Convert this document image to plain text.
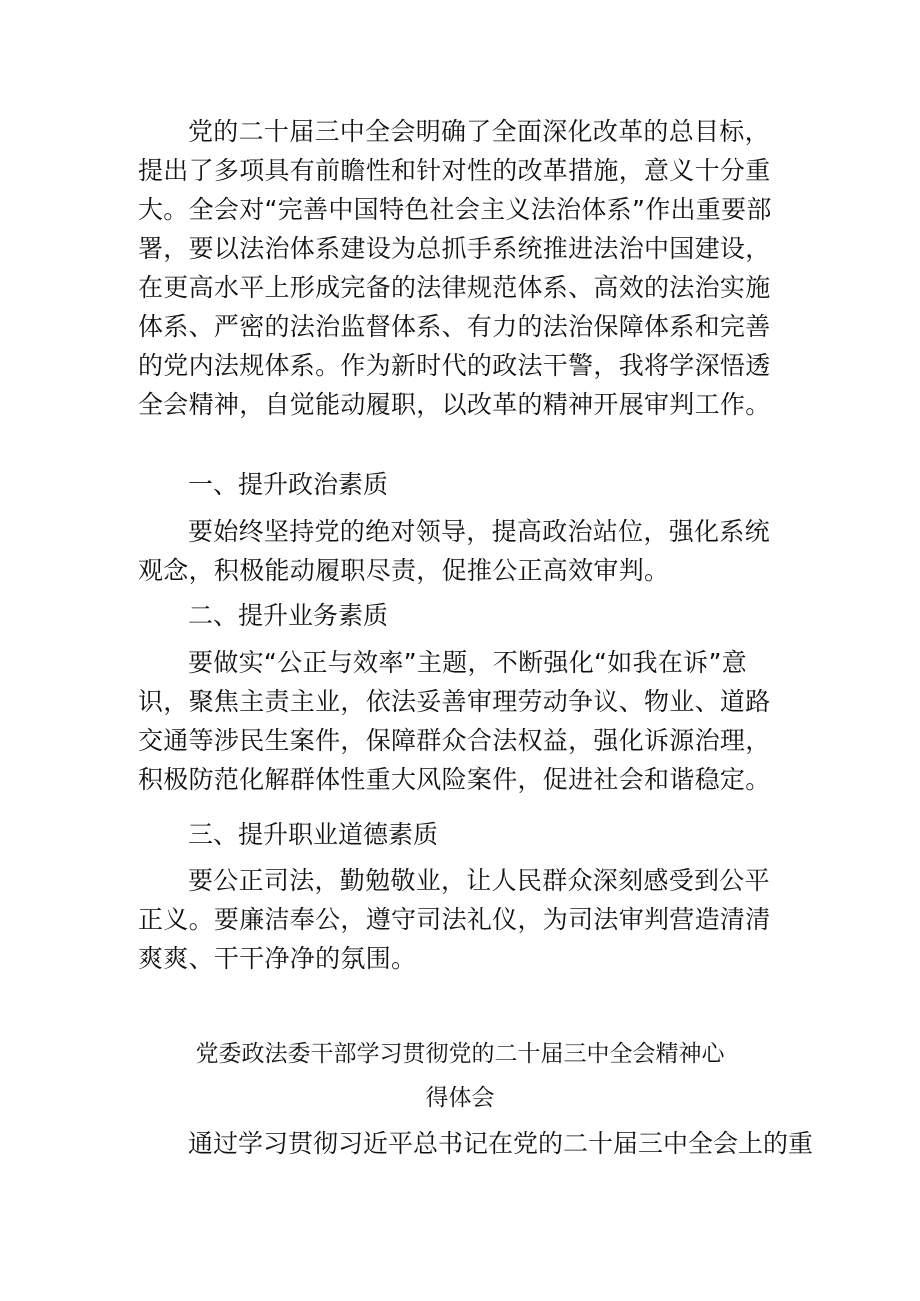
党的二十届三中全会明确了全面深化改革的总目标，提出了多项具有前瞻性和针对性的改革措施，意义十分重大。全会对“完善中国特色社会主义法治体系”作出重要部署，要以法治体系建设为总抓手系统推进法治中国建设，在更高水平上形成完备的法律规范体系、高效的法治实施体系、严密的法治监督体系、有力的法治保障体系和完善的党内法规体系。作为新时代的政法干警，我将学深悟透全会精神，自觉能动履职，以改革的精神开展审判工作。

一、提升政治素质

要始终坚持党的绝对领导，提高政治站位，强化系统观念，积极能动履职尽责，促推公正高效审判。

二、提升业务素质

要做实“公正与效率”主题，不断强化“如我在诉”意识，聚焦主责主业，依法妥善审理劳动争议、物业、道路交通等涉民生案件，保障群众合法权益，强化诉源治理，积极防范化解群体性重大风险案件，促进社会和谐稳定。

三、提升职业道德素质

要公正司法，勤勉敬业，让人民群众深刻感受到公平正义。要廉洁奉公，遵守司法礼仪，为司法审判营造清清爽爽、干干净净的氛围。

党委政法委干部学习贯彻党的二十届三中全会精神心

得体会

通过学习贯彻习近平总书记在党的二十届三中全会上的重
